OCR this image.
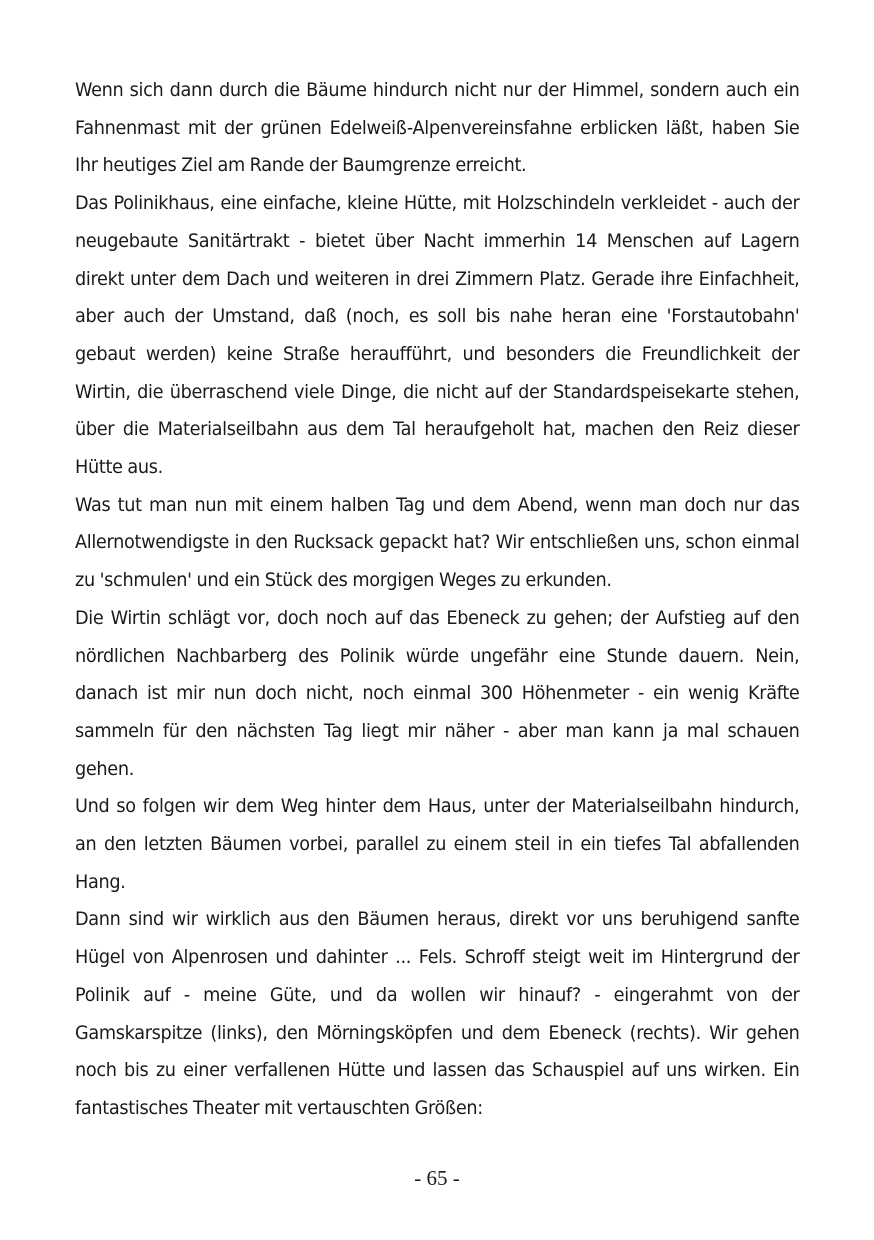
Wenn sich dann durch die Bäume hindurch nicht nur der Himmel, sondern auch ein Fahnenmast mit der grünen Edelweiß-Alpenvereinsfahne erblicken läßt, haben Sie Ihr heutiges Ziel am Rande der Baumgrenze erreicht.

Das Polinikhaus, eine einfache, kleine Hütte, mit Holzschindeln verkleidet - auch der neugebaute Sanitärtrakt - bietet über Nacht immerhin 14 Menschen auf Lagern direkt unter dem Dach und weiteren in drei Zimmern Platz. Gerade ihre Einfachheit, aber auch der Umstand, daß (noch, es soll bis nahe heran eine 'Forstautobahn' gebaut werden) keine Straße heraufführt, und besonders die Freundlichkeit der Wirtin, die überraschend viele Dinge, die nicht auf der Standardspeisekarte stehen, über die Materialseilbahn aus dem Tal heraufgeholt hat, machen den Reiz dieser Hütte aus.

Was tut man nun mit einem halben Tag und dem Abend, wenn man doch nur das Allernotwendigste in den Rucksack gepackt hat? Wir entschließen uns, schon einmal zu 'schmulen' und ein Stück des morgigen Weges zu erkunden.

Die Wirtin schlägt vor, doch noch auf das Ebeneck zu gehen; der Aufstieg auf den nördlichen Nachbarberg des Polinik würde ungefähr eine Stunde dauern. Nein, danach ist mir nun doch nicht, noch einmal 300 Höhenmeter - ein wenig Kräfte sammeln für den nächsten Tag liegt mir näher - aber man kann ja mal schauen gehen.

Und so folgen wir dem Weg hinter dem Haus, unter der Materialseilbahn hindurch, an den letzten Bäumen vorbei, parallel zu einem steil in ein tiefes Tal abfallenden Hang.

Dann sind wir wirklich aus den Bäumen heraus, direkt vor uns beruhigend sanfte Hügel von Alpenrosen und dahinter ... Fels. Schroff steigt weit im Hintergrund der Polinik auf - meine Güte, und da wollen wir hinauf? - eingerahmt von der Gamskarspitze (links), den Mörningsköpfen und dem Ebeneck (rechts). Wir gehen noch bis zu einer verfallenen Hütte und lassen das Schauspiel auf uns wirken. Ein fantastisches Theater mit vertauschten Größen:

- 65 -
